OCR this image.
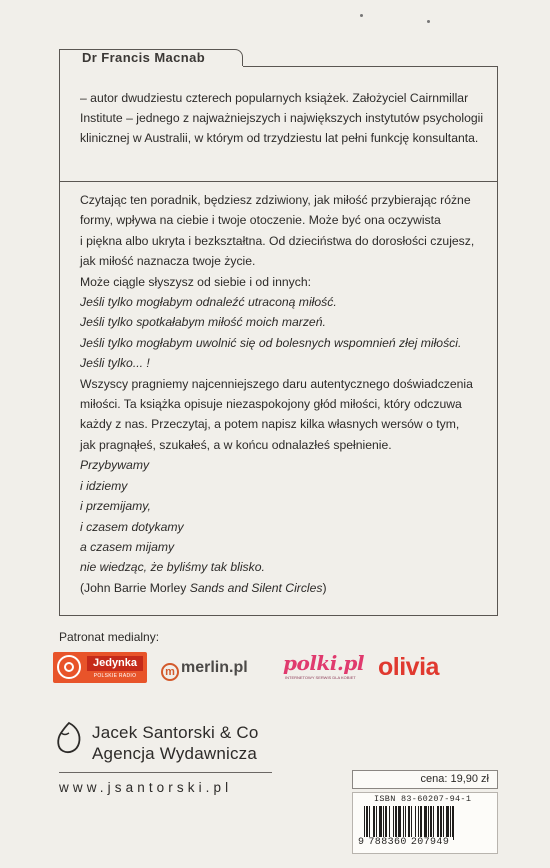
Dr Francis Macnab
– autor dwudziestu czterech popularnych książek. Założyciel Cairnmillar Institute – jednego z najważniejszych i największych instytutów psychologii klinicznej w Australii, w którym od trzydziestu lat pełni funkcję konsultanta.
Czytając ten poradnik, będziesz zdziwiony, jak miłość przybierając różne
formy, wpływa na ciebie i twoje otoczenie. Może być ona oczywista
i piękna albo ukryta i bezkształtna. Od dzieciństwa do dorosłości czujesz,
jak miłość naznacza twoje życie.
Może ciągle słyszysz od siebie i od innych:
Jeśli tylko mogłabym odnaleźć utraconą miłość.
Jeśli tylko spotkałabym miłość moich marzeń.
Jeśli tylko mogłabym uwolnić się od bolesnych wspomnień złej miłości.
Jeśli tylko... !
Wszyscy pragniemy najcenniejszego daru autentycznego doświadczenia
miłości. Ta książka opisuje niezaspokojony głód miłości, który odczuwa
każdy z nas. Przeczytaj, a potem napisz kilka własnych wersów o tym,
jak pragnąłeś, szukałeś, a w końcu odnalazłeś spełnienie.
Przybywamy
i idziemy
i przemijamy,
i czasem dotykamy
a czasem mijamy
nie wiedząc, że byliśmy tak blisko.
(John Barrie Morley Sands and Silent Circles)
Patronat medialny:
Jedynka
POLSKIE RADIO	m merlin.pl polki.pl
INTERNETOWY SERWIS DLA KOBIET olivia
Jacek Santorski & Co
Agencja Wydawnicza
www.jsantorski.pl
cena: 19,90 zł
ISBN 83-60207-94-1
9 788360 207949
